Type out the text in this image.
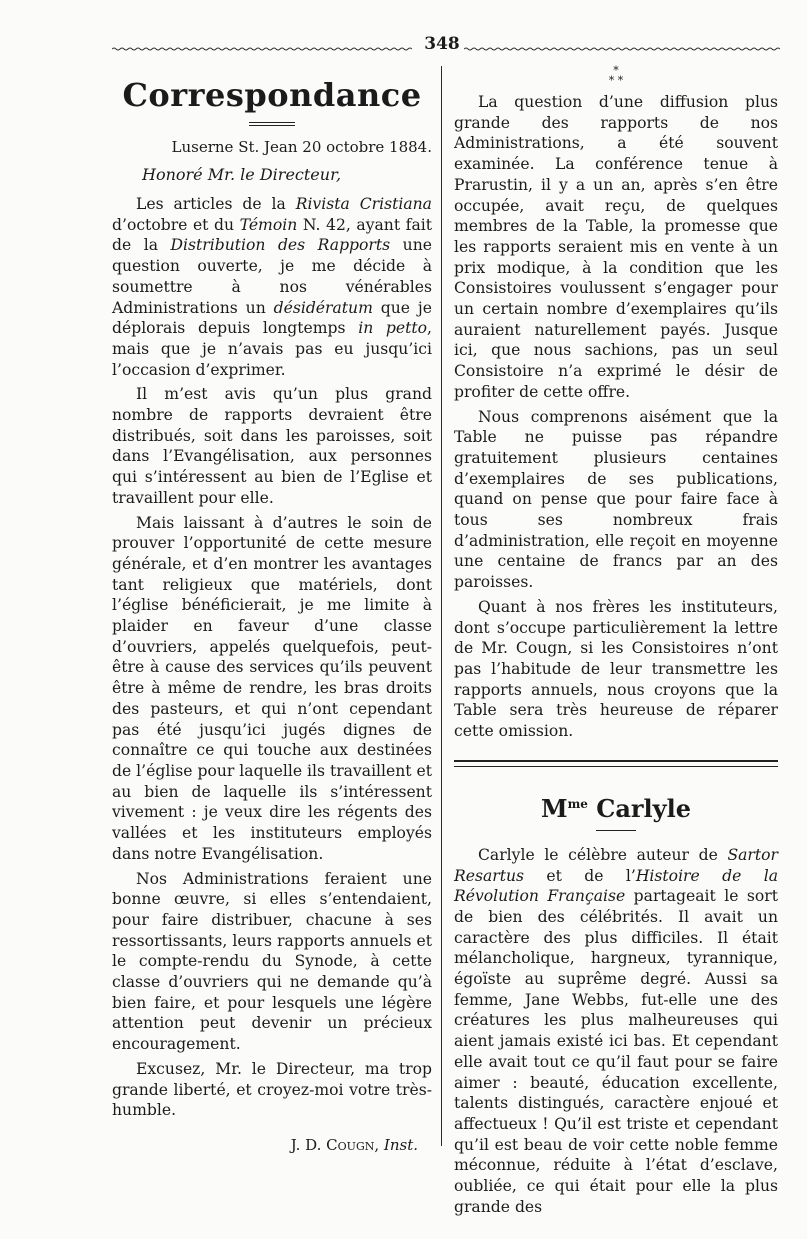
348
Correspondance
Luserne St. Jean 20 octobre 1884.
Honoré Mr. le Directeur,

Les articles de la Rivista Cristiana d’octobre et du Témoin N. 42, ayant fait de la Distribution des Rapports une question ouverte, je me décide à soumettre à nos vénérables Administrations un désidératum que je déplorais depuis longtemps in petto, mais que je n’avais pas eu jusqu’ici l’occasion d’exprimer.

Il m’est avis qu’un plus grand nombre de rapports devraient être distribués, soit dans les paroisses, soit dans l’Evangélisation, aux personnes qui s’intéressent au bien de l’Eglise et travaillent pour elle.

Mais laissant à d’autres le soin de prouver l’opportunité de cette mesure générale, et d’en montrer les avantages tant religieux que matériels, dont l’église bénéficierait, je me limite à plaider en faveur d’une classe d’ouvriers, appelés quelquefois, peut-être à cause des services qu’ils peuvent être à même de rendre, les bras droits des pasteurs, et qui n’ont cependant pas été jusqu’ici jugés dignes de connaître ce qui touche aux destinées de l’église pour laquelle ils travaillent et au bien de laquelle ils s’intéressent vivement : je veux dire les régents des vallées et les instituteurs employés dans notre Evangélisation.

Nos Administrations feraient une bonne œuvre, si elles s’entendaient, pour faire distribuer, chacune à ses ressortissants, leurs rapports annuels et le compte-rendu du Synode, à cette classe d’ouvriers qui ne demande qu’à bien faire, et pour lesquels une légère attention peut devenir un précieux encouragement.

Excusez, Mr. le Directeur, ma trop grande liberté, et croyez-moi votre très-humble.

J. D. Cougn, Inst.
*
* *

La question d’une diffusion plus grande des rapports de nos Administrations, a été souvent examinée. La conférence tenue à Prarustin, il y a un an, après s’en être occupée, avait reçu, de quelques membres de la Table, la promesse que les rapports seraient mis en vente à un prix modique, à la condition que les Consistoires voulussent s’engager pour un certain nombre d’exemplaires qu’ils auraient naturellement payés. Jusque ici, que nous sachions, pas un seul Consistoire n’a exprimé le désir de profiter de cette offre.

Nous comprenons aisément que la Table ne puisse pas répandre gratuitement plusieurs centaines d’exemplaires de ses publications, quand on pense que pour faire face à tous ses nombreux frais d’administration, elle reçoit en moyenne une centaine de francs par an des paroisses.

Quant à nos frères les instituteurs, dont s’occupe particulièrement la lettre de Mr. Cougn, si les Consistoires n’ont pas l’habitude de leur transmettre les rapports annuels, nous croyons que la Table sera très heureuse de réparer cette omission.

$M^{me}$ Carlyle

Carlyle le célèbre auteur de Sartor Resartus et de l’Histoire de la Révolution Française partageait le sort de bien des célébrités. Il avait un caractère des plus difficiles. Il était mélancholique, hargneux, tyrannique, égoïste au suprême degré. Aussi sa femme, Jane Webbs, fut-elle une des créatures les plus malheureuses qui aient jamais existé ici bas. Et cependant elle avait tout ce qu’il faut pour se faire aimer : beauté, éducation excellente, talents distingués, caractère enjoué et affectueux ! Qu’il est triste et cependant qu’il est beau de voir cette noble femme méconnue, réduite à l’état d’esclave, oubliée, ce qui était pour elle la plus grande des
